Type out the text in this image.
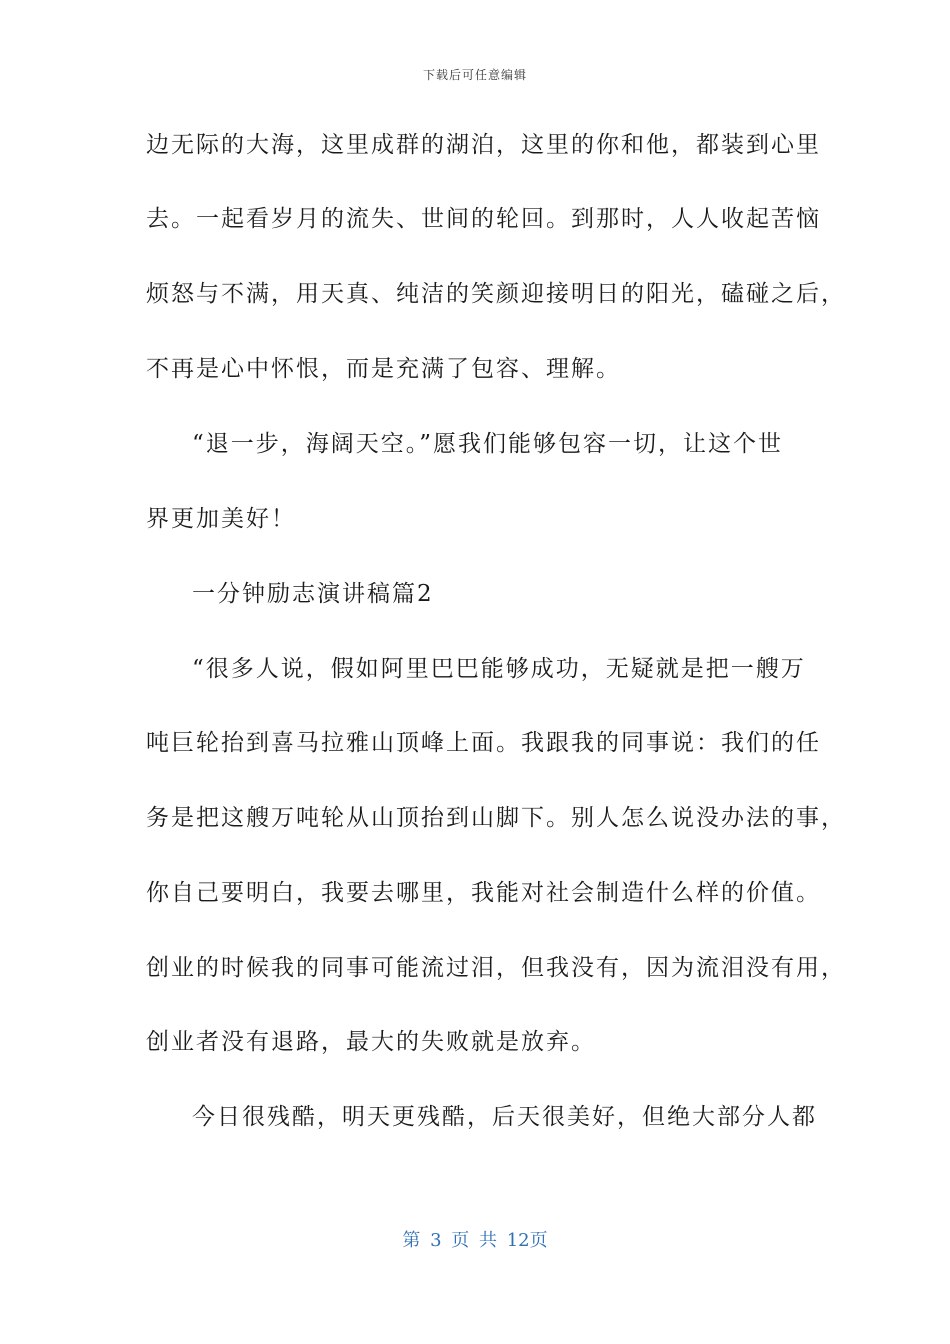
下载后可任意编辑
边无际的大海，这里成群的湖泊，这里的你和他，都装到心里
去。一起看岁月的流失、世间的轮回。到那时，人人收起苦恼
烦怒与不满，用天真、纯洁的笑颜迎接明日的阳光，磕碰之后，
不再是心中怀恨，而是充满了包容、理解。
“退一步，海阔天空。”愿我们能够包容一切，让这个世
界更加美好！
一分钟励志演讲稿篇2
“很多人说，假如阿里巴巴能够成功，无疑就是把一艘万
吨巨轮抬到喜马拉雅山顶峰上面。我跟我的同事说：我们的任
务是把这艘万吨轮从山顶抬到山脚下。别人怎么说没办法的事，
你自己要明白，我要去哪里，我能对社会制造什么样的价值。
创业的时候我的同事可能流过泪，但我没有，因为流泪没有用，
创业者没有退路，最大的失败就是放弃。
今日很残酷，明天更残酷，后天很美好，但绝大部分人都
第 3 页 共 12页
